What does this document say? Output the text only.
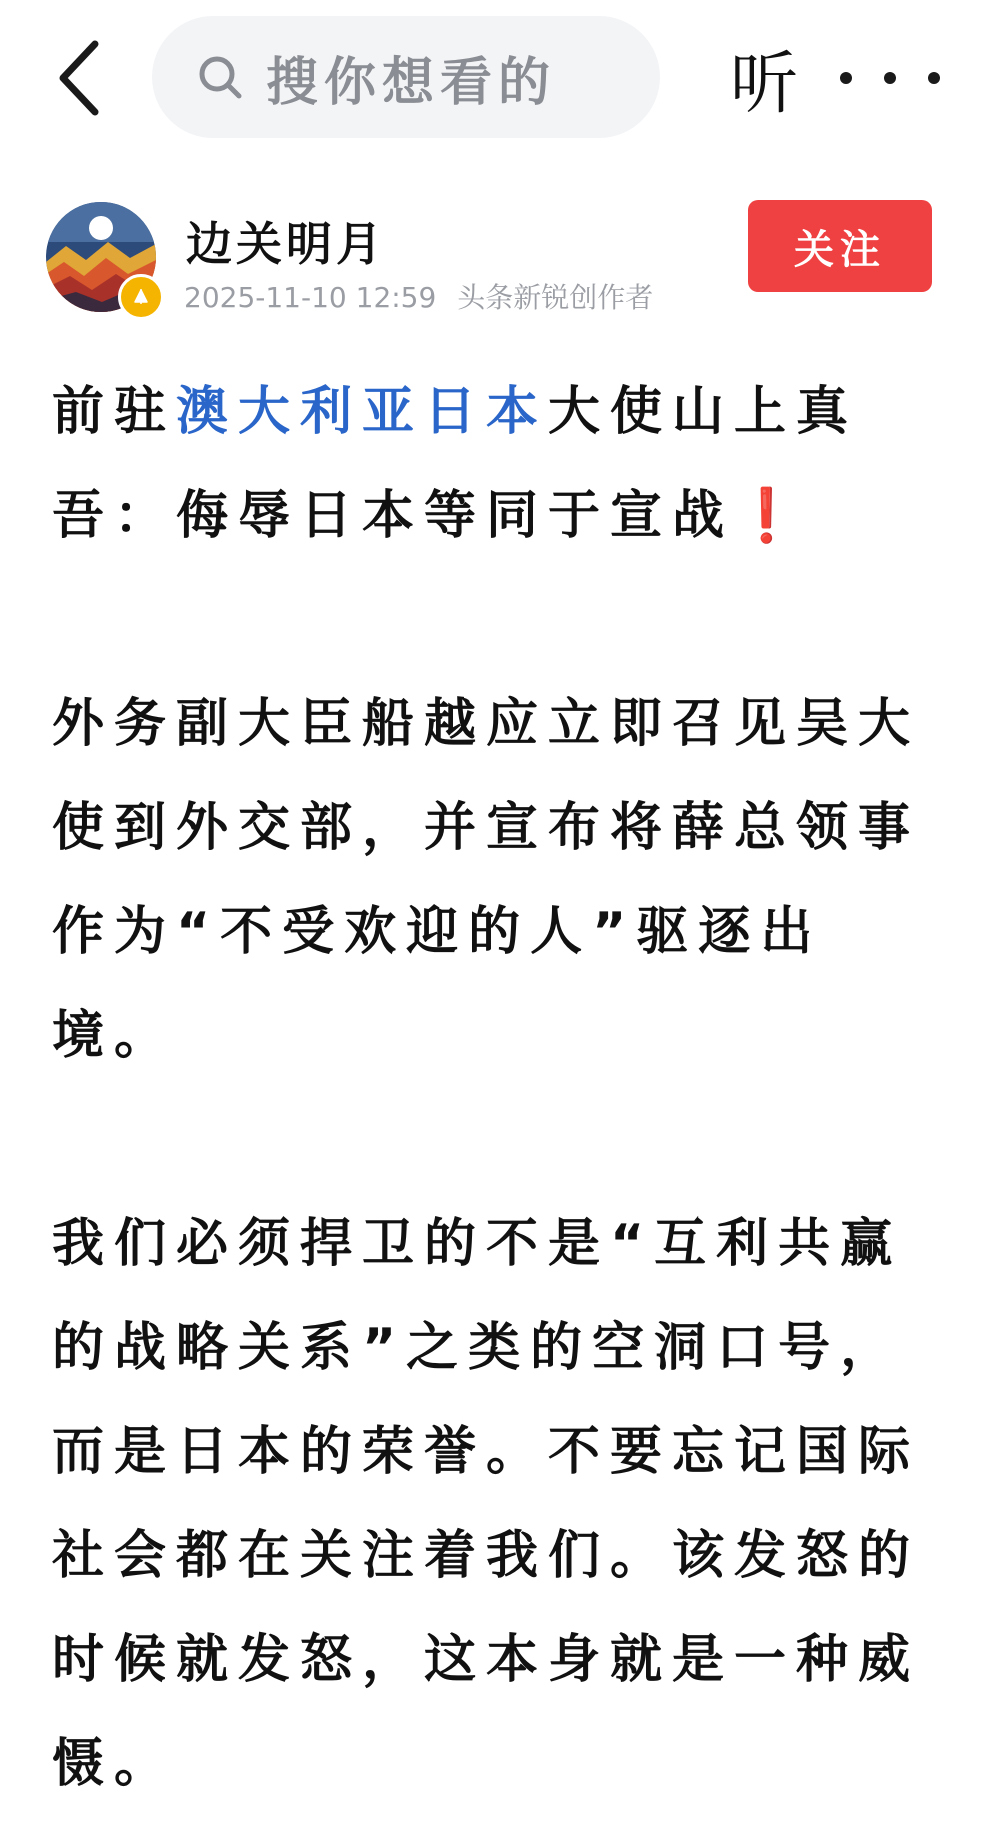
搜你想看的	听
边关明月
2025-11-10 12:59 头条新锐创作者
关注
前驻澳大利亚日本大使山上真吾：侮辱日本等同于宣战❗

外务副大臣船越应立即召见吴大使到外交部，并宣布将薛总领事作为“不受欢迎的人”驱逐出境。

我们必须捍卫的不是“互利共赢的战略关系”之类的空洞口号，而是日本的荣誉。不要忘记国际社会都在关注着我们。该发怒的时候就发怒，这本身就是一种威慑。
